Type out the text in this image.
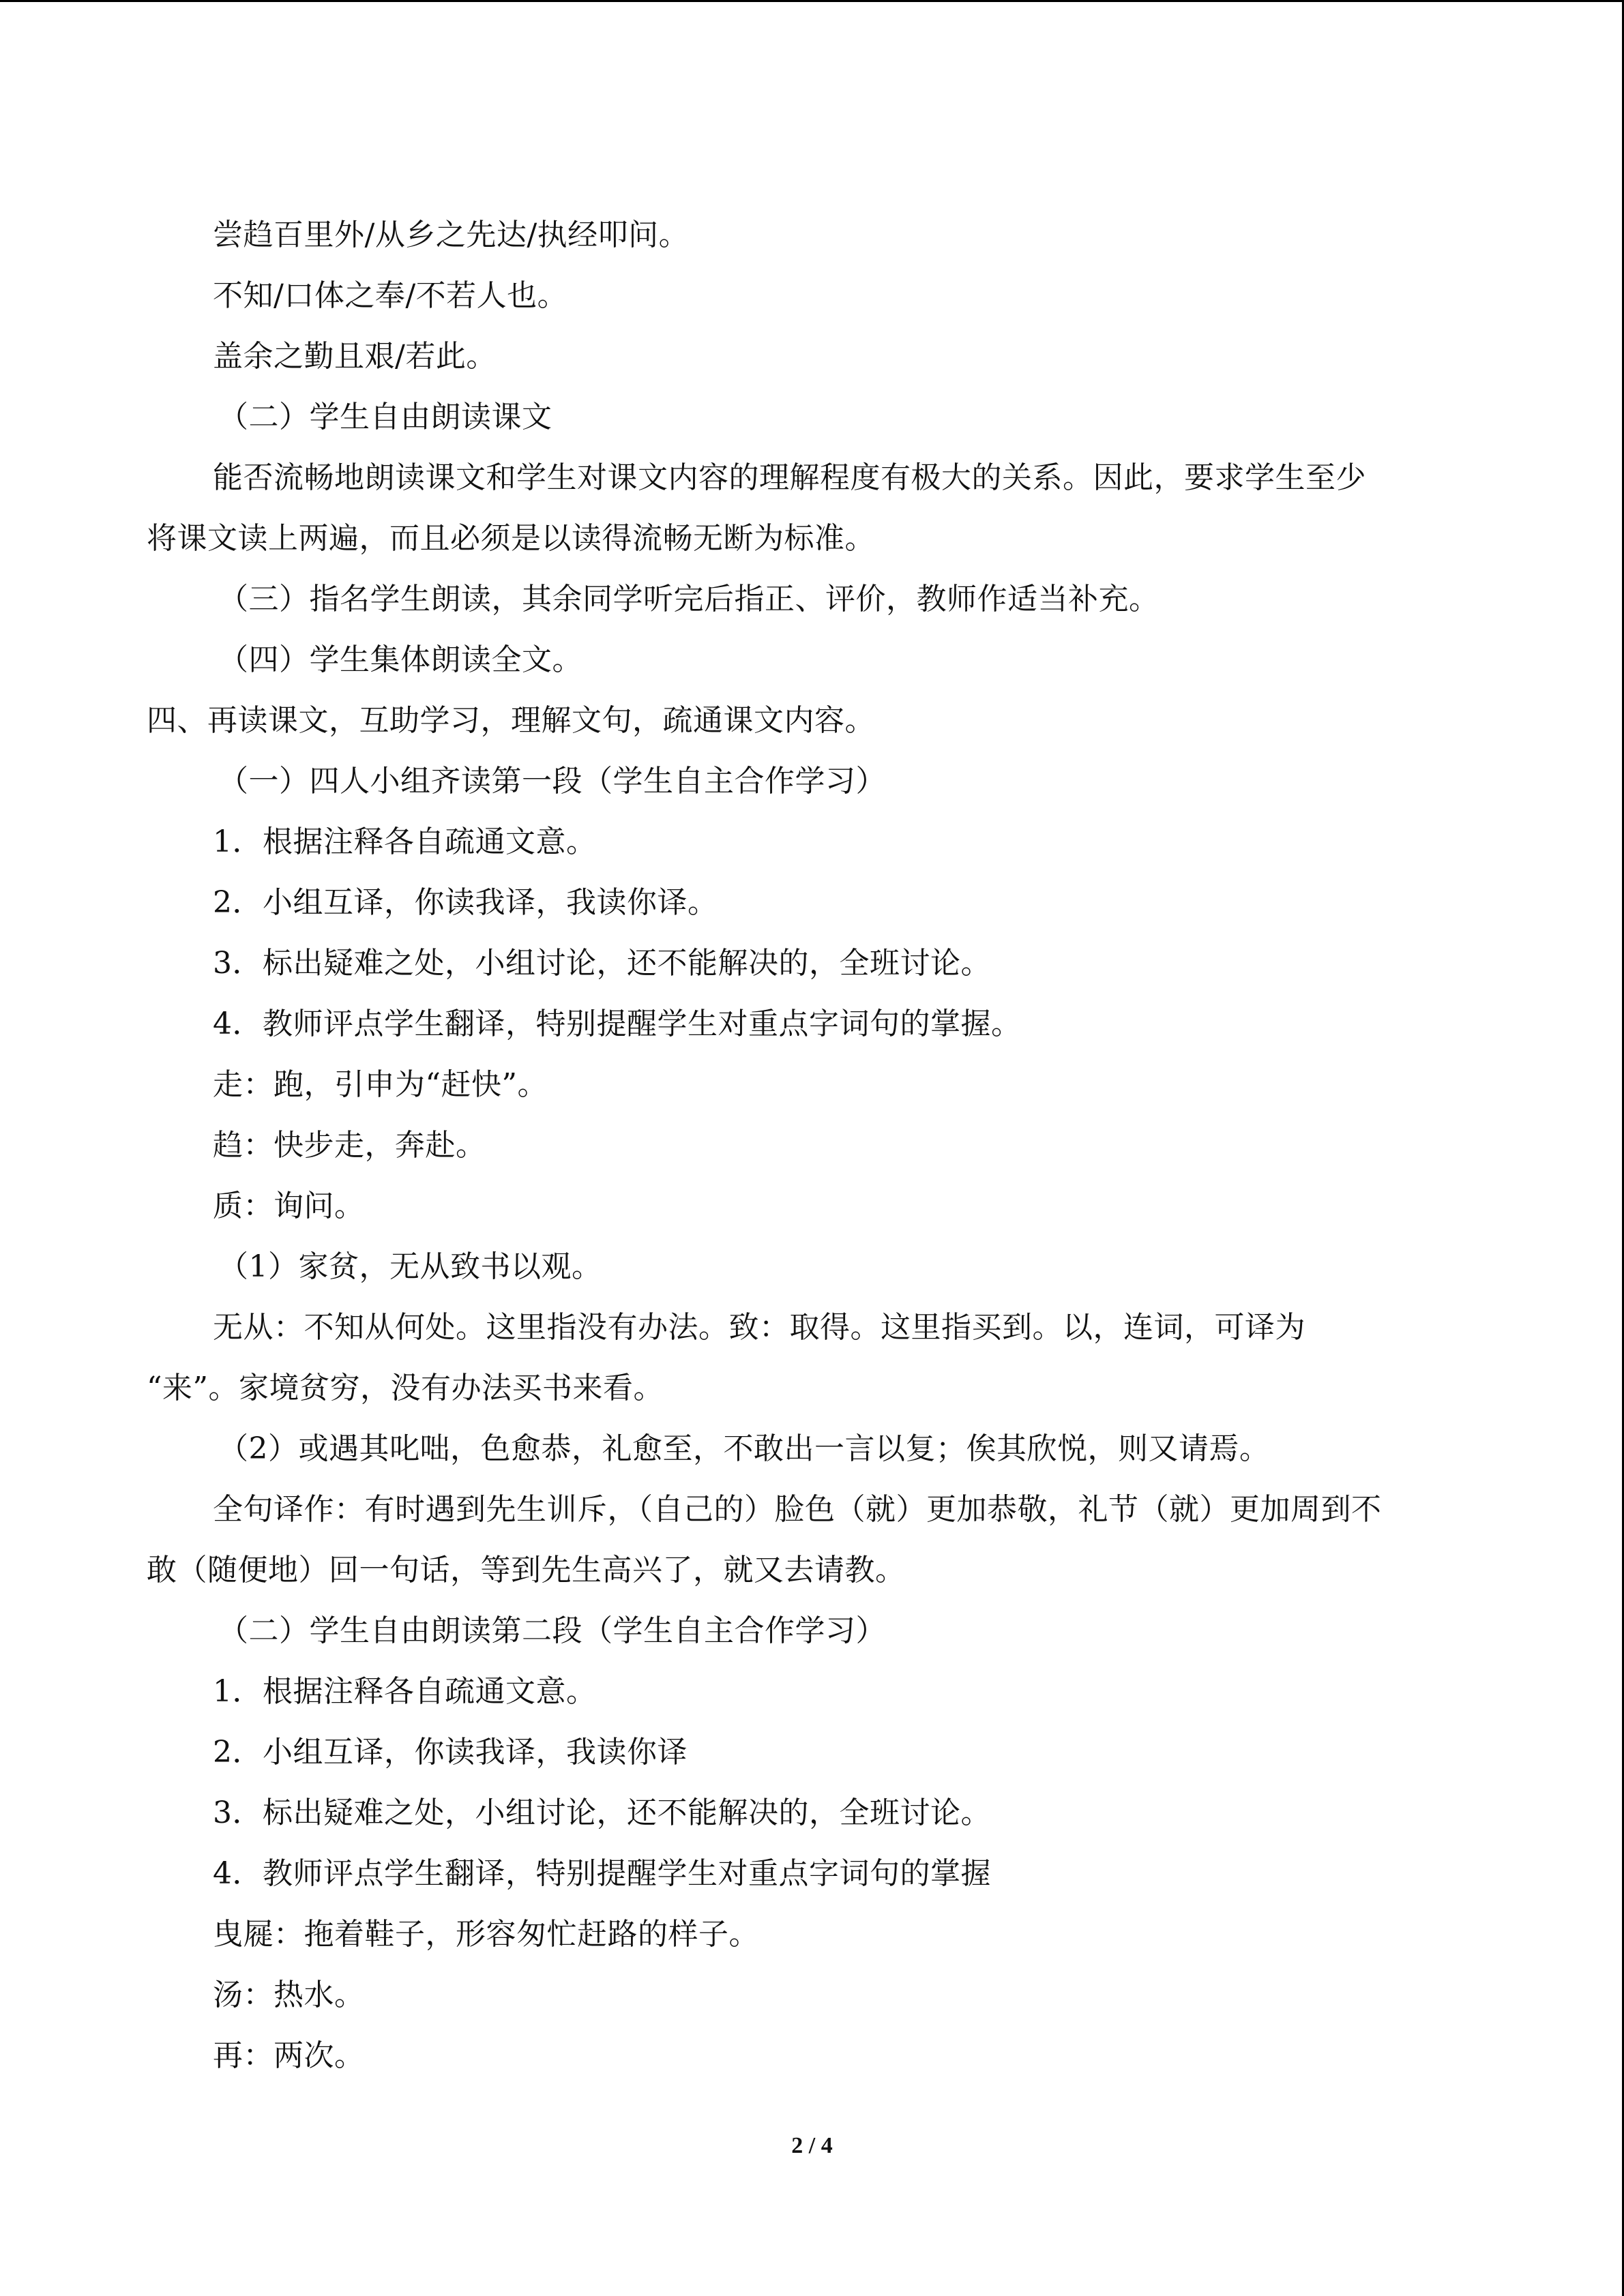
尝趋百里外/从乡之先达/执经叩问。
不知/口体之奉/不若人也。
盖余之勤且艰/若此。
（二）学生自由朗读课文
能否流畅地朗读课文和学生对课文内容的理解程度有极大的关系。因此，要求学生至少
将课文读上两遍，而且必须是以读得流畅无断为标准。
（三）指名学生朗读，其余同学听完后指正、评价，教师作适当补充。
（四）学生集体朗读全文。
四、再读课文，互助学习，理解文句，疏通课文内容。
（一）四人小组齐读第一段（学生自主合作学习）
1．根据注释各自疏通文意。
2．小组互译，你读我译，我读你译。
3．标出疑难之处，小组讨论，还不能解决的，全班讨论。
4．教师评点学生翻译，特别提醒学生对重点字词句的掌握。
走：跑，引申为“赶快”。
趋：快步走，奔赴。
质：询问。
（1）家贫，无从致书以观。
无从：不知从何处。这里指没有办法。致：取得。这里指买到。以，连词，可译为
“来”。家境贫穷，没有办法买书来看。
（2）或遇其叱咄，色愈恭，礼愈至，不敢出一言以复；俟其欣悦，则又请焉。
全句译作：有时遇到先生训斥，（自己的）脸色（就）更加恭敬，礼节（就）更加周到不
敢（随便地）回一句话，等到先生高兴了，就又去请教。
（二）学生自由朗读第二段（学生自主合作学习）
1．根据注释各自疏通文意。
2．小组互译，你读我译，我读你译
3．标出疑难之处，小组讨论，还不能解决的，全班讨论。
4．教师评点学生翻译，特别提醒学生对重点字词句的掌握
曳屣：拖着鞋子，形容匆忙赶路的样子。
汤：热水。
再：两次。
2 / 4
